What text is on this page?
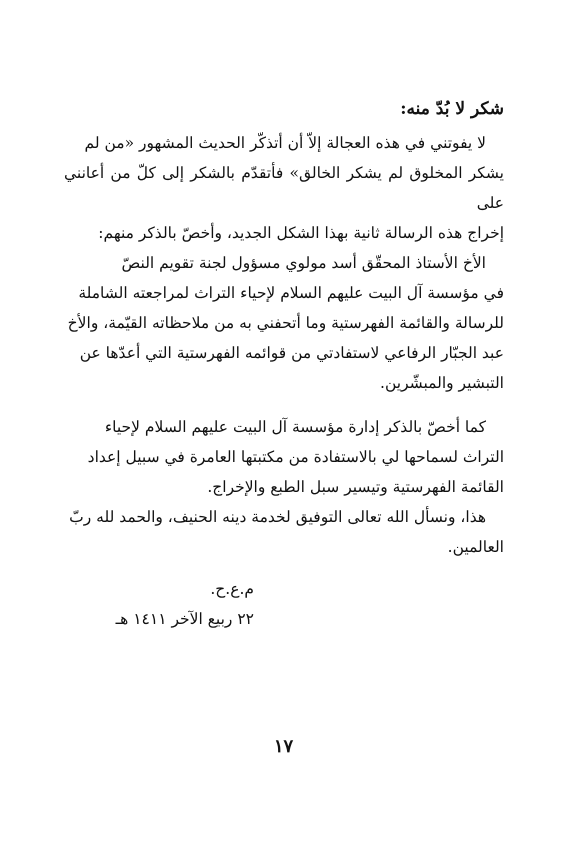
شكر لا بُدّ منه:

لا يفوتني في هذه العجالة إلاّ أن أتذكّر الحديث المشهور «من لم
يشكر المخلوق لم يشكر الخالق» فأتقدّم بالشكر إلى كلّ من أعانني على
إخراج هذه الرسالة ثانية بهذا الشكل الجديد، وأخصّ بالذكر منهم:

الأخ الأستاذ المحقّق أسد مولوي مسؤول لجنة تقويم النصّ
في مؤسسة آل البيت عليهم السلام لإحياء التراث لمراجعته الشاملة
للرسالة والقائمة الفهرستية وما أتحفني به من ملاحظاته القيّمة، والأخ
عبد الجبّار الرفاعي لاستفادتي من قوائمه الفهرستية التي أعدّها عن
التبشير والمبشّرين.

كما أخصّ بالذكر إدارة مؤسسة آل البيت عليهم السلام لإحياء
التراث لسماحها لي بالاستفادة من مكتبتها العامرة في سبيل إعداد
القائمة الفهرستية وتيسير سبل الطبع والإخراج.

هذا، ونسأل الله تعالى التوفيق لخدمة دينه الحنيف، والحمد لله ربّ
العالمين.

م.ع.ح.
٢٢ ربيع الآخر ١٤١١ هـ
١٧
